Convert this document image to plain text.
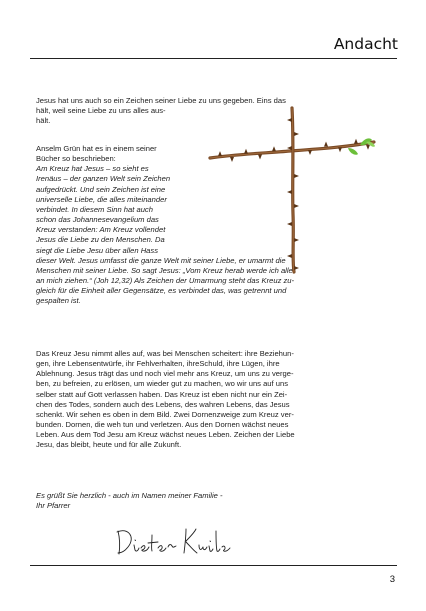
Andacht
Jesus hat uns auch so ein Zeichen seiner Liebe zu uns gegeben. Eins das
hält, weil seine Liebe zu uns alles aus-
hält.
Anselm Grün hat es in einem seiner
Bücher so beschrieben:
Am Kreuz hat Jesus – so sieht es
Irenäus – der ganzen Welt sein Zeichen
aufgedrückt. Und sein Zeichen ist eine
universelle Liebe, die alles miteinander
verbindet. In diesem Sinn hat auch
schon das Johannesevangelium das
Kreuz verstanden: Am Kreuz vollendet
Jesus die Liebe zu den Menschen. Da
siegt die Liebe Jesu über allen Hass
dieser Welt. Jesus umfasst die ganze Welt mit seiner Liebe, er umarmt die
Menschen mit seiner Liebe. So sagt Jesus: „Vom Kreuz herab werde ich alle
an mich ziehen.“ (Joh 12,32) Als Zeichen der Umarmung steht das Kreuz zu-
gleich für die Einheit aller Gegensätze, es verbindet das, was getrennt und
gespalten ist.
Das Kreuz Jesu nimmt alles auf, was bei Menschen scheitert: ihre Beziehun-
gen, ihre Lebensentwürfe, ihr Fehlverhalten, ihreSchuld, ihre Lügen, ihre
Ablehnung. Jesus trägt das und noch viel mehr ans Kreuz, um uns zu verge-
ben, zu befreien, zu erlösen, um wieder gut zu machen, wo wir uns auf uns
selber statt auf Gott verlassen haben. Das Kreuz ist eben nicht nur ein Zei-
chen des Todes, sondern auch des Lebens, des wahren Lebens, das Jesus
schenkt. Wir sehen es oben in dem Bild. Zwei Dornenzweige zum Kreuz ver-
bunden. Dornen, die weh tun und verletzen. Aus den Dornen wächst neues
Leben. Aus dem Tod Jesu am Kreuz wächst neues Leben. Zeichen der Liebe
Jesu, das bleibt, heute und für alle Zukunft.
Es grüßt Sie herzlich - auch im Namen meiner Familie -
Ihr Pfarrer
3
